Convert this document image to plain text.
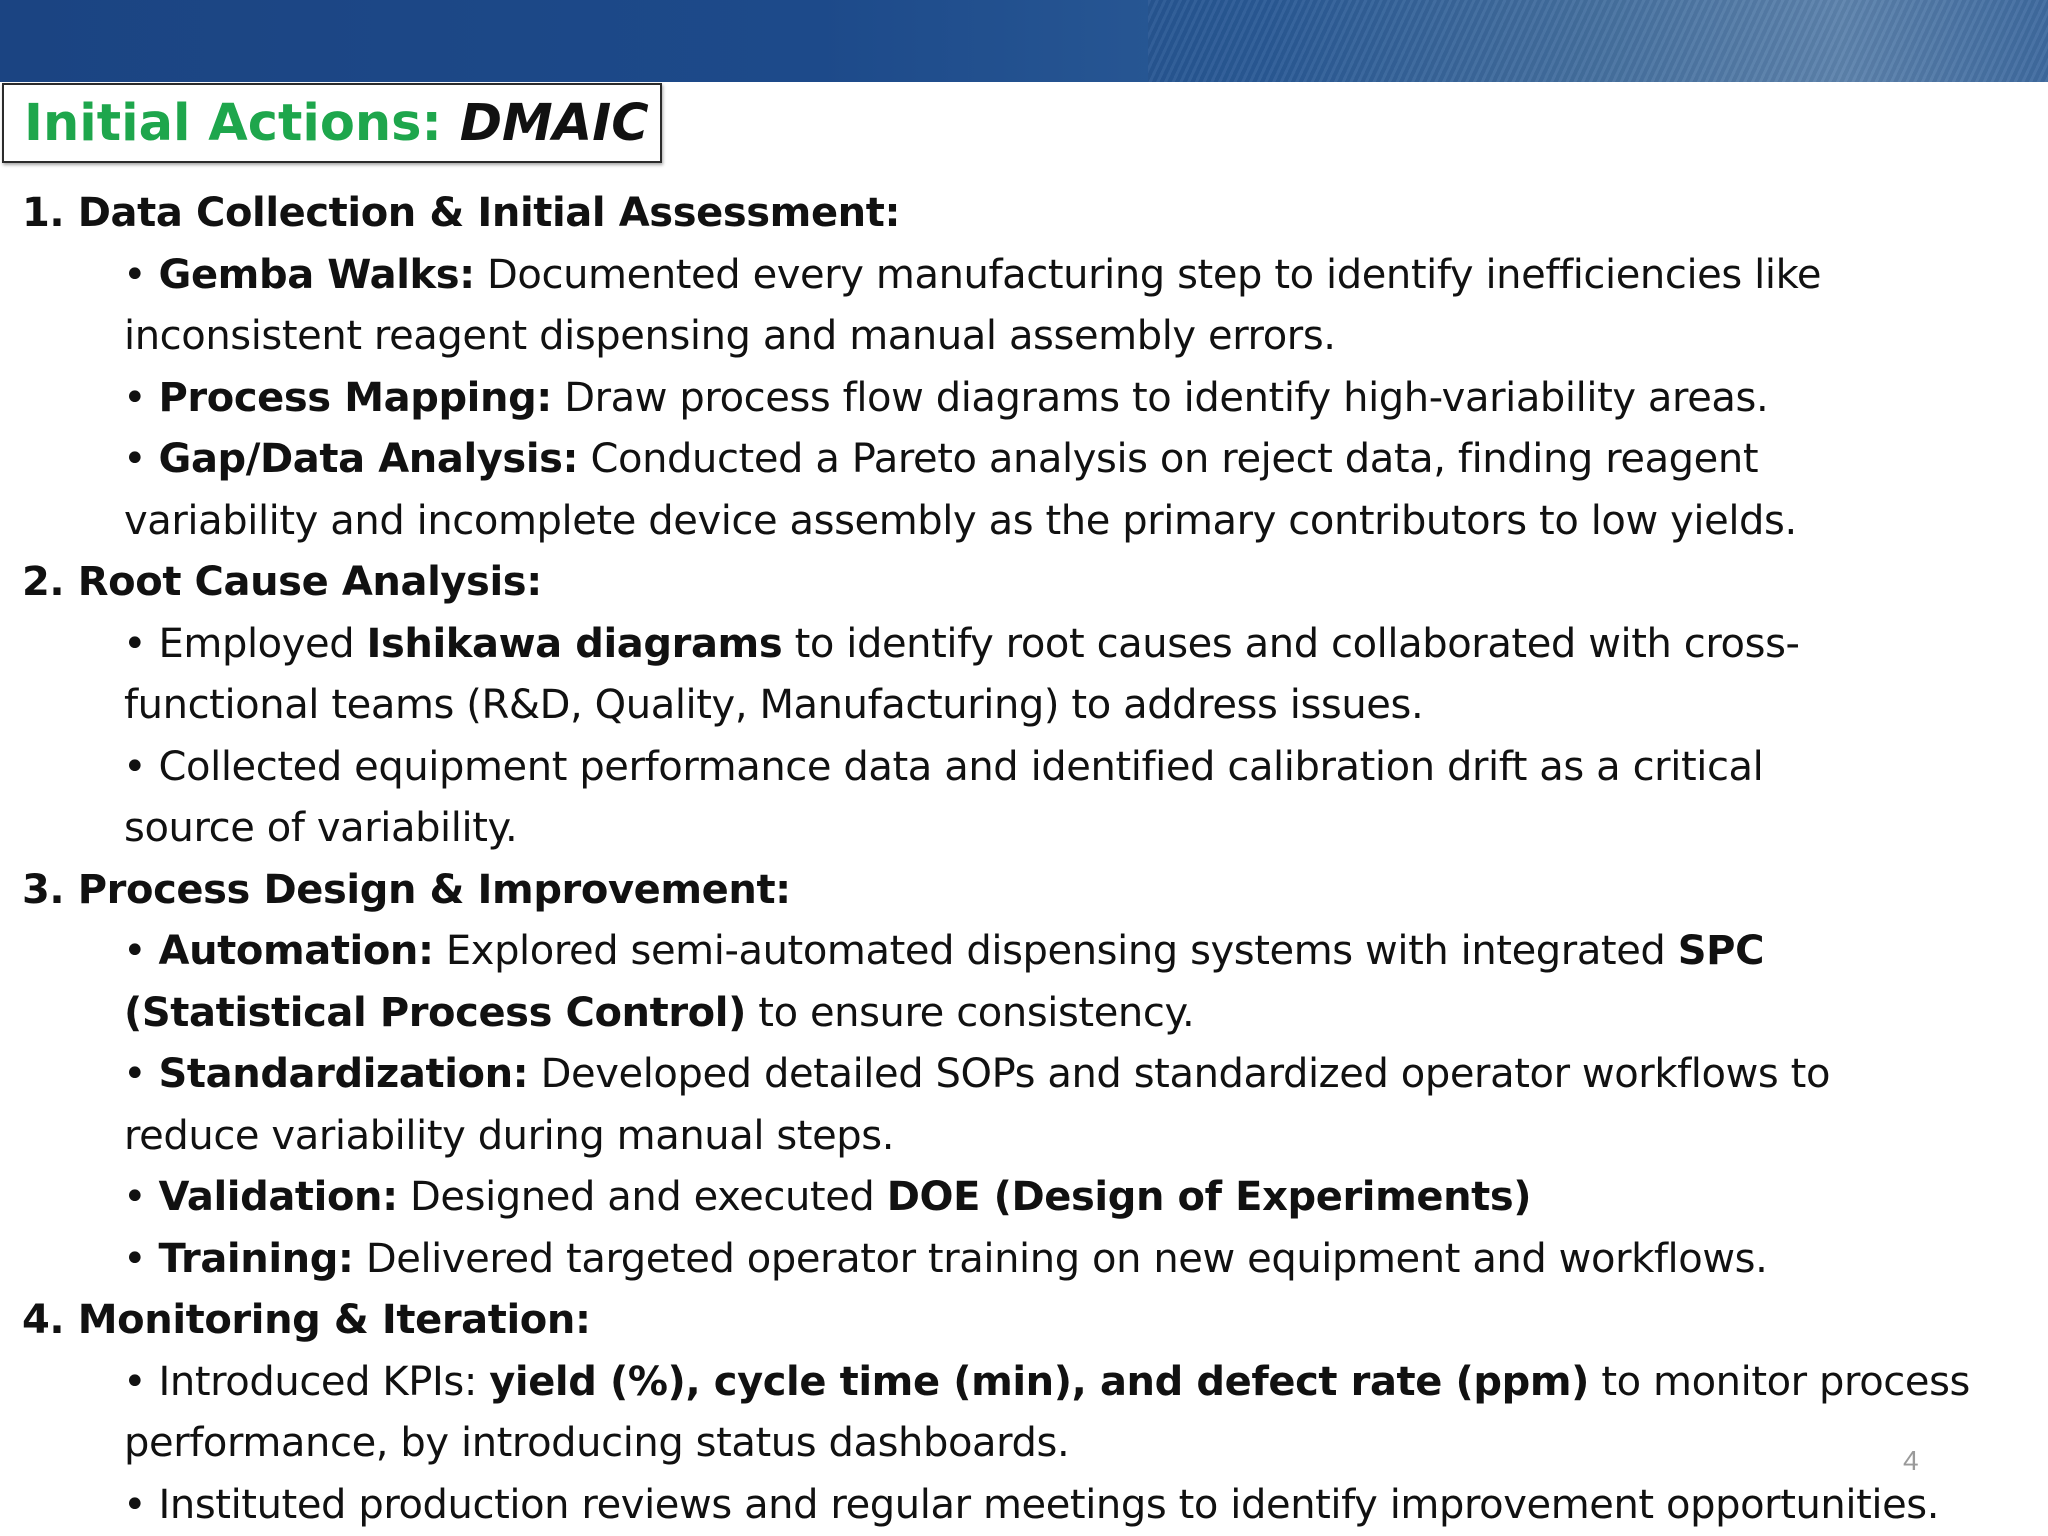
Initial Actions: DMAIC
1. Data Collection & Initial Assessment:
• Gemba Walks: Documented every manufacturing step to identify inefficiencies like
inconsistent reagent dispensing and manual assembly errors.
• Process Mapping: Draw process flow diagrams to identify high-variability areas.
• Gap/Data Analysis: Conducted a Pareto analysis on reject data, finding reagent
variability and incomplete device assembly as the primary contributors to low yields.
2. Root Cause Analysis:
• Employed Ishikawa diagrams to identify root causes and collaborated with cross-
functional teams (R&D, Quality, Manufacturing) to address issues.
• Collected equipment performance data and identified calibration drift as a critical
source of variability.
3. Process Design & Improvement:
• Automation: Explored semi-automated dispensing systems with integrated SPC
(Statistical Process Control) to ensure consistency.
• Standardization: Developed detailed SOPs and standardized operator workflows to
reduce variability during manual steps.
• Validation: Designed and executed DOE (Design of Experiments)
• Training: Delivered targeted operator training on new equipment and workflows.
4. Monitoring & Iteration:
• Introduced KPIs: yield (%), cycle time (min), and defect rate (ppm) to monitor process
performance, by introducing status dashboards.
• Instituted production reviews and regular meetings to identify improvement opportunities.
4
